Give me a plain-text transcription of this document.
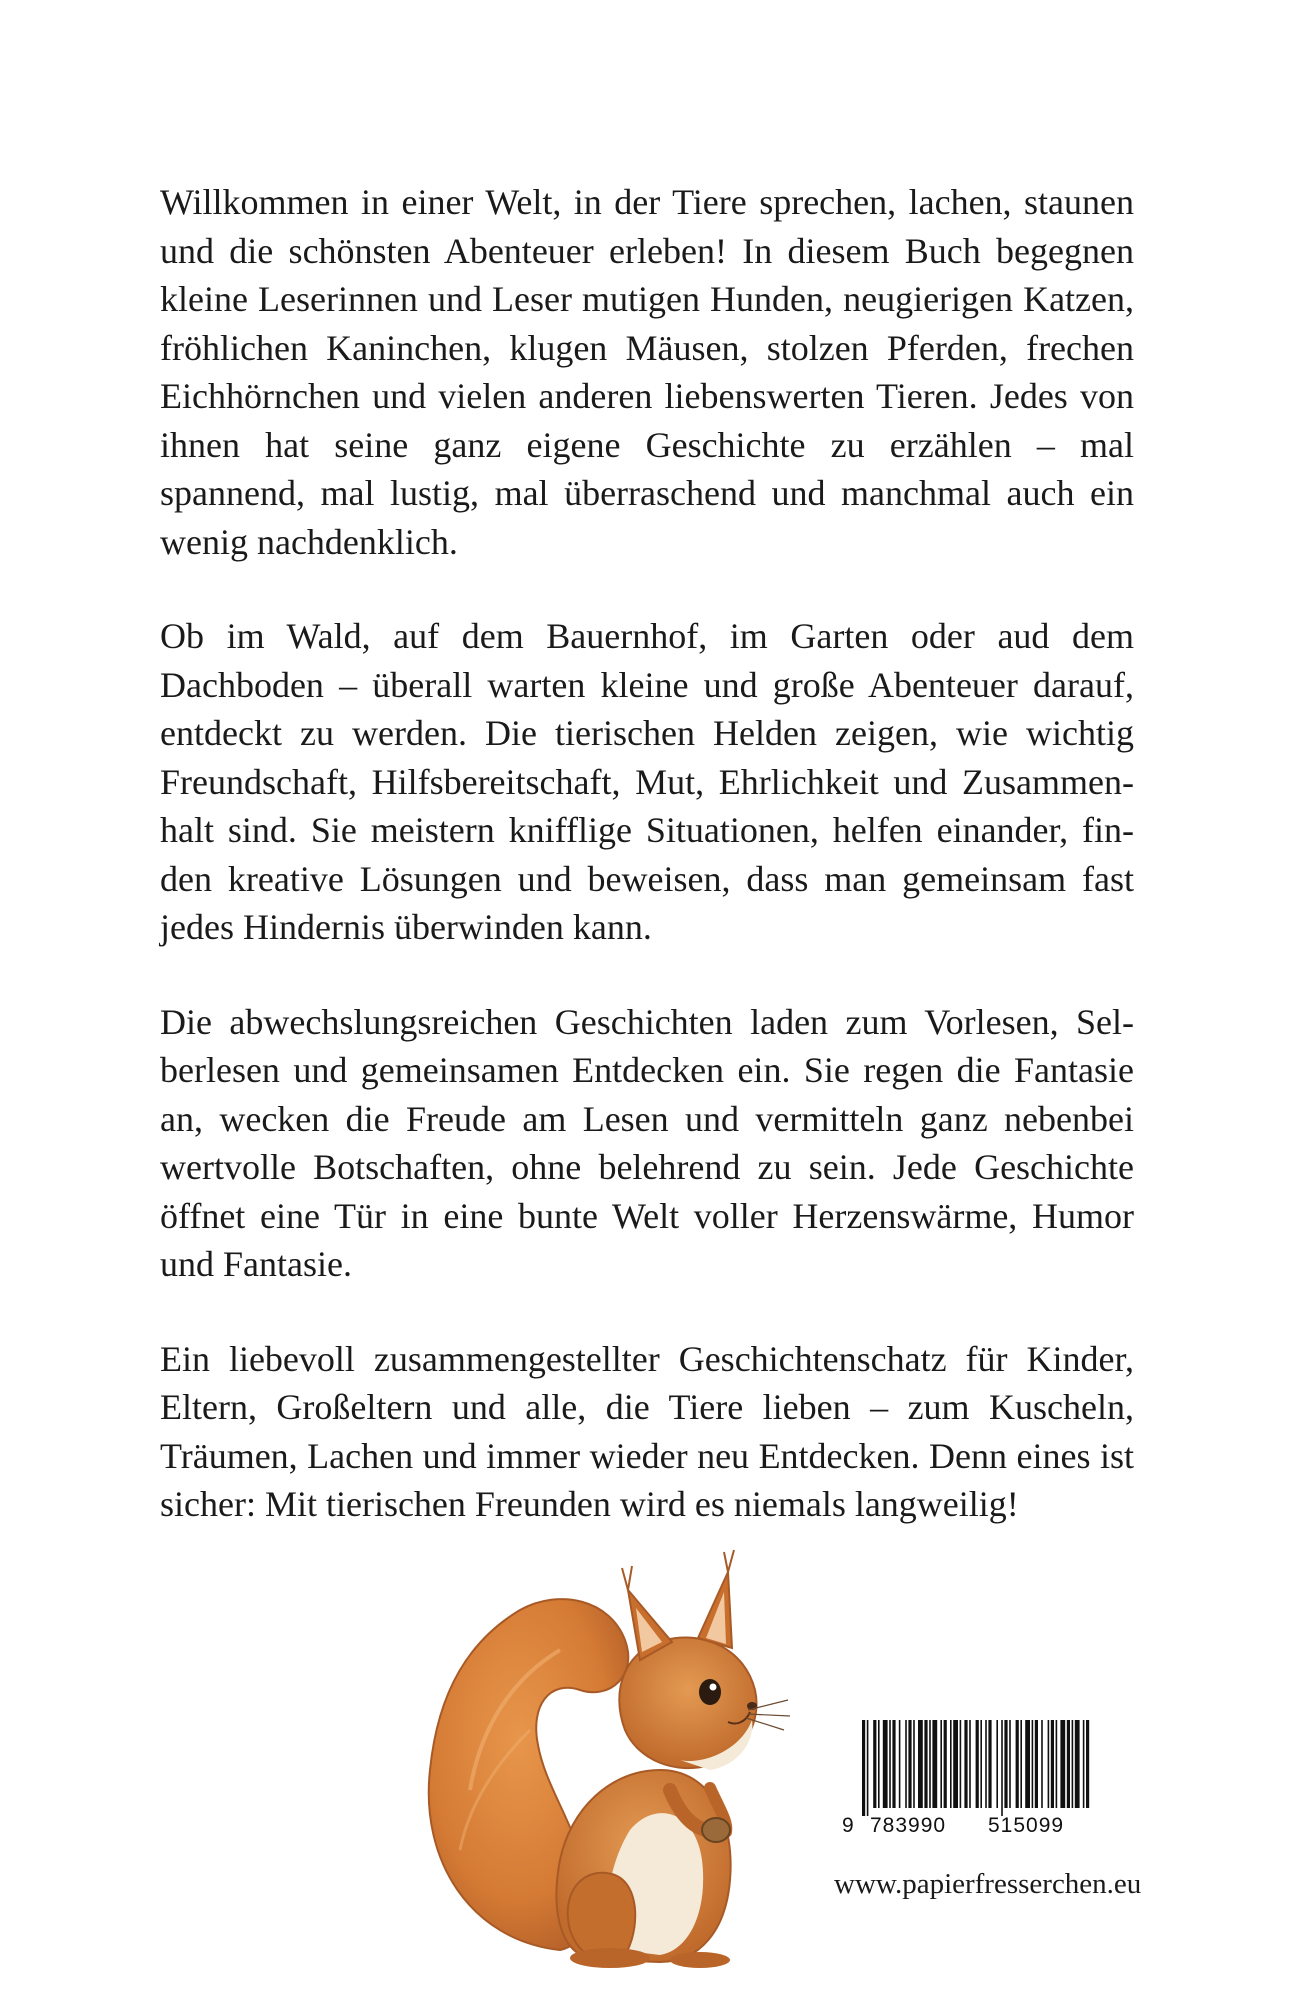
Willkommen in einer Welt, in der Tiere sprechen, lachen, staunen und die schönsten Abenteuer erleben! In diesem Buch begegnen kleine Leserinnen und Leser mutigen Hunden, neugierigen Katzen, fröhlichen Kaninchen, klugen Mäusen, stolzen Pferden, frechen Eichhörnchen und vielen anderen liebenswerten Tieren. Jedes von ihnen hat seine ganz eigene Geschichte zu erzählen – mal spannend, mal lustig, mal überraschend und manchmal auch ein wenig nachdenklich.

Ob im Wald, auf dem Bauernhof, im Garten oder aud dem Dachboden – überall warten kleine und große Abenteuer darauf, entdeckt zu werden. Die tierischen Helden zeigen, wie wichtig Freundschaft, Hilfsbereitschaft, Mut, Ehrlichkeit und Zusammenhalt sind. Sie meistern knifflige Situationen, helfen einander, finden kreative Lösungen und beweisen, dass man gemeinsam fast jedes Hindernis überwinden kann.

Die abwechslungsreichen Geschichten laden zum Vorlesen, Selberlesen und gemeinsamen Entdecken ein. Sie regen die Fantasie an, wecken die Freude am Lesen und vermitteln ganz nebenbei wertvolle Botschaften, ohne belehrend zu sein. Jede Geschichte öffnet eine Tür in eine bunte Welt voller Herzenswärme, Humor und Fantasie.

Ein liebevoll zusammengestellter Geschichtenschatz für Kinder, Eltern, Großeltern und alle, die Tiere lieben – zum Kuscheln, Träumen, Lachen und immer wieder neu Entdecken. Denn eines ist sicher: Mit tierischen Freunden wird es niemals langweilig!

9 783990 515099
www.papierfresserchen.eu
